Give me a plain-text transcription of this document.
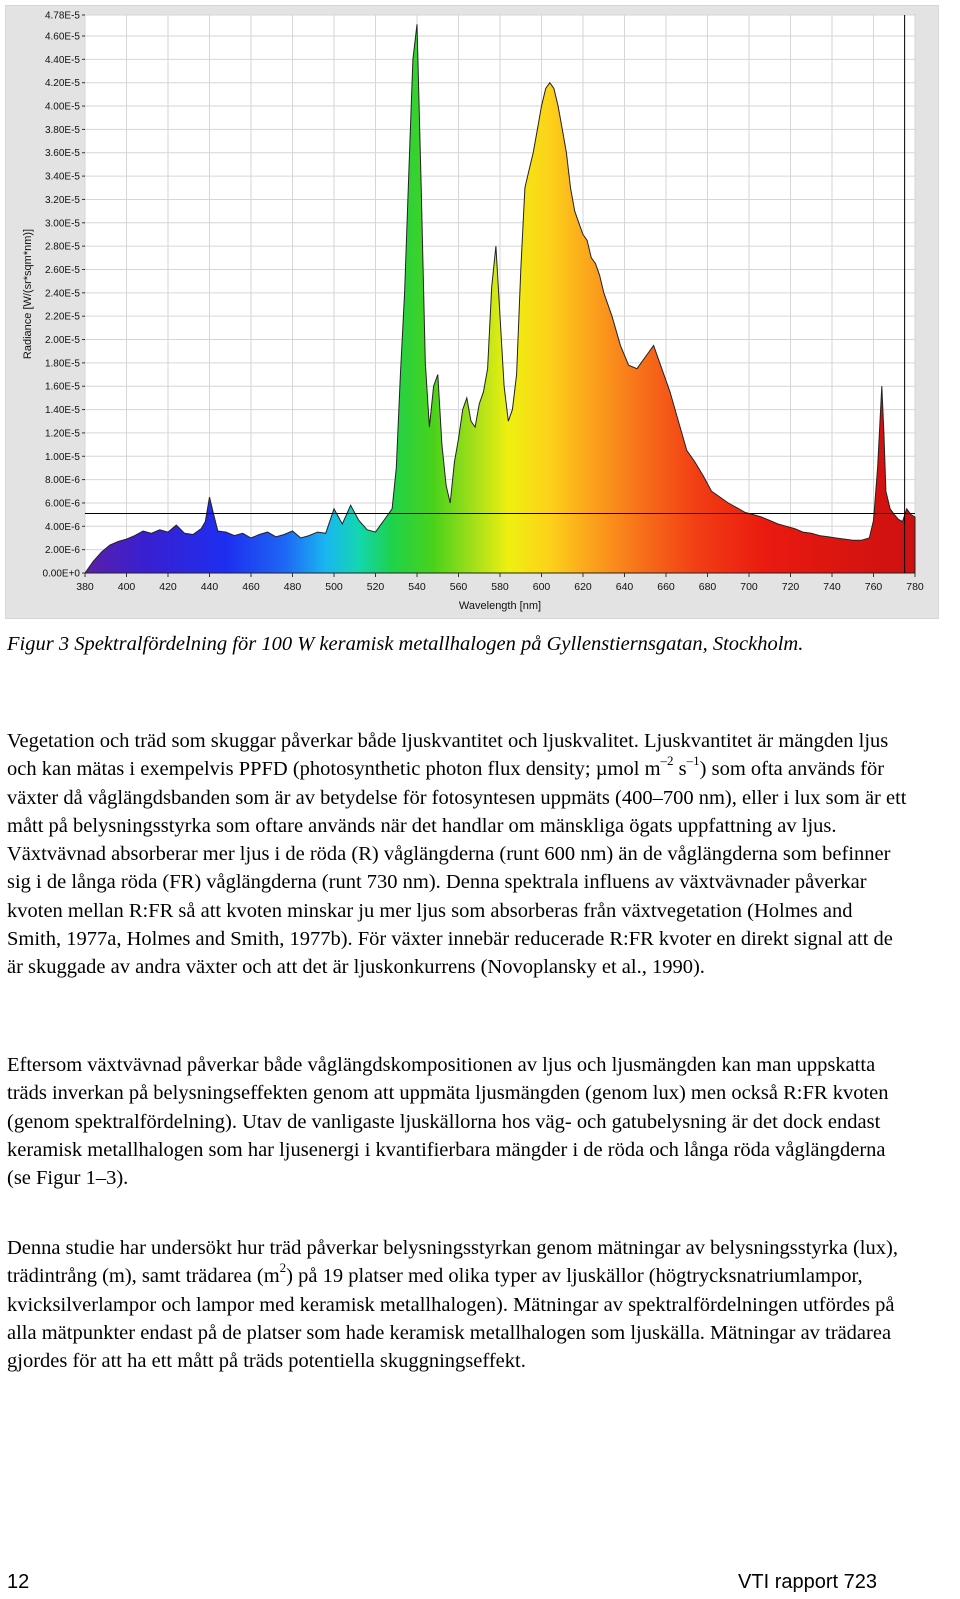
0.00E+0
2.00E-6
4.00E-6
6.00E-6
8.00E-6
1.00E-5
1.20E-5
1.40E-5
1.60E-5
1.80E-5
2.00E-5
2.20E-5
2.40E-5
2.60E-5
2.80E-5
3.00E-5
3.20E-5
3.40E-5
3.60E-5
3.80E-5
4.00E-5
4.20E-5
4.40E-5
4.60E-5
4.78E-5
380 400 420 440 460 480 500 520 540 560 580 600 620 640 660 680 700 720 740 760 780
Radiance [W/(sr*sqm*nm)]
Wavelength [nm]
Figur 3 Spektralfördelning för 100 W keramisk metallhalogen på Gyllenstiernsgatan, Stockholm.
Vegetation och träd som skuggar påverkar både ljuskvantitet och ljuskvalitet. Ljuskvantitet är mängden ljus och kan mätas i exempelvis PPFD (photosynthetic photon flux density; µmol $m^{-2}$ $s^{-1}$) som ofta används för växter då våglängdsbanden som är av betydelse för fotosyntesen uppmäts (400–700 nm), eller i lux som är ett mått på belysningsstyrka som oftare används när det handlar om mänskliga ögats uppfattning av ljus. Växtvävnad absorberar mer ljus i de röda (R) våglängderna (runt 600 nm) än de våglängderna som befinner sig i de långa röda (FR) våglängderna (runt 730 nm). Denna spektrala influens av växtvävnader påverkar kvoten mellan R:FR så att kvoten minskar ju mer ljus som absorberas från växtvegetation (Holmes and Smith, 1977a, Holmes and Smith, 1977b). För växter innebär reducerade R:FR kvoter en direkt signal att de är skuggade av andra växter och att det är ljuskonkurrens (Novoplansky et al., 1990).
Eftersom växtvävnad påverkar både våglängdskompositionen av ljus och ljusmängden kan man uppskatta träds inverkan på belysningseffekten genom att uppmäta ljusmängden (genom lux) men också R:FR kvoten (genom spektralfördelning). Utav de vanligaste ljuskällorna hos väg- och gatubelysning är det dock endast keramisk metallhalogen som har ljusenergi i kvantifierbara mängder i de röda och långa röda våglängderna (se Figur 1–3).
Denna studie har undersökt hur träd påverkar belysningsstyrkan genom mätningar av belysningsstyrka (lux), trädintrång (m), samt trädarea $(m^2)$ på 19 platser med olika typer av ljuskällor (högtrycksnatriumlampor, kvicksilverlampor och lampor med keramisk metallhalogen). Mätningar av spektralfördelningen utfördes på alla mätpunkter endast på de platser som hade keramisk metallhalogen som ljuskälla. Mätningar av trädarea gjordes för att ha ett mått på träds potentiella skuggningseffekt.
12	VTI rapport 723
